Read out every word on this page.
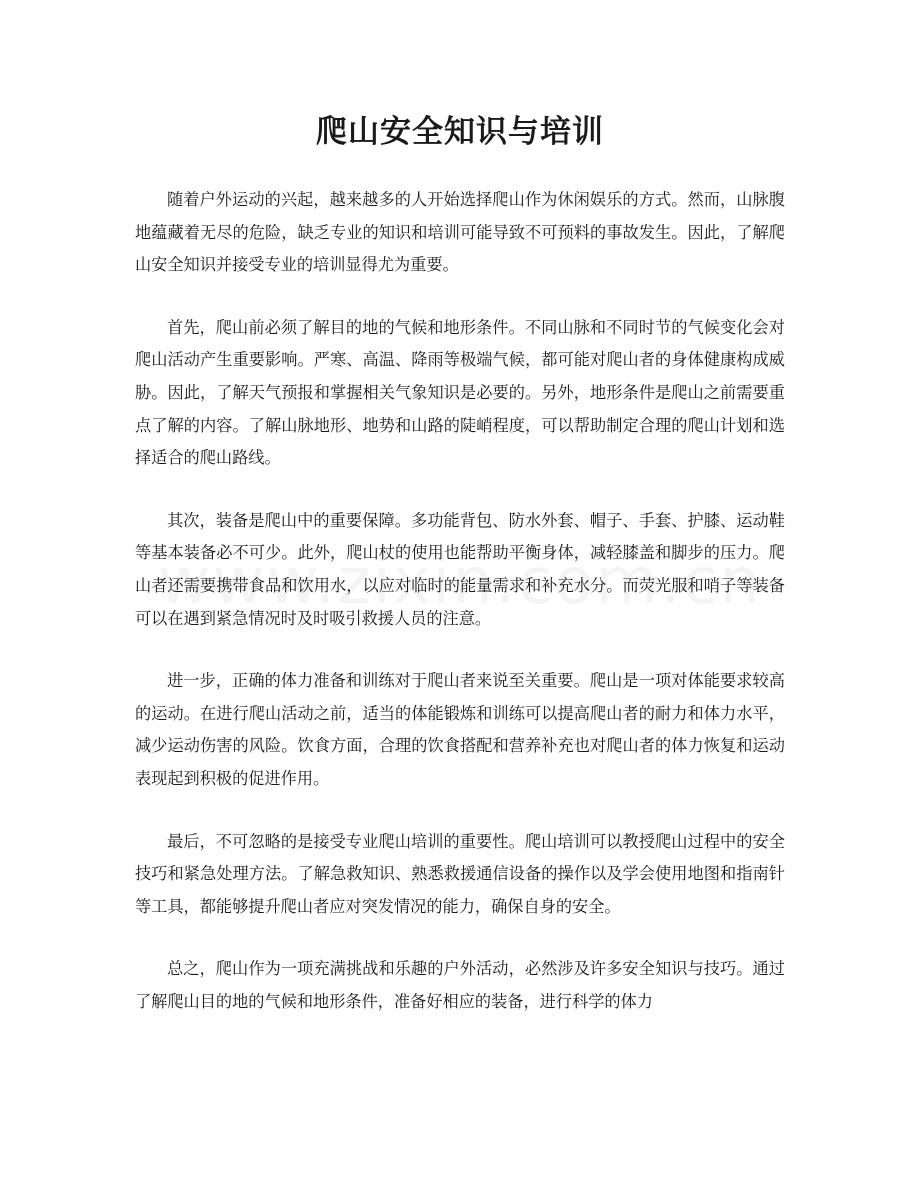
爬山安全知识与培训

随着户外运动的兴起，越来越多的人开始选择爬山作为休闲娱乐的方式。然而，山脉腹地蕴藏着无尽的危险，缺乏专业的知识和培训可能导致不可预料的事故发生。因此，了解爬山安全知识并接受专业的培训显得尤为重要。

首先，爬山前必须了解目的地的气候和地形条件。不同山脉和不同时节的气候变化会对爬山活动产生重要影响。严寒、高温、降雨等极端气候，都可能对爬山者的身体健康构成威胁。因此，了解天气预报和掌握相关气象知识是必要的。另外，地形条件是爬山之前需要重点了解的内容。了解山脉地形、地势和山路的陡峭程度，可以帮助制定合理的爬山计划和选择适合的爬山路线。

其次，装备是爬山中的重要保障。多功能背包、防水外套、帽子、手套、护膝、运动鞋等基本装备必不可少。此外，爬山杖的使用也能帮助平衡身体，减轻膝盖和脚步的压力。爬山者还需要携带食品和饮用水，以应对临时的能量需求和补充水分。而荧光服和哨子等装备可以在遇到紧急情况时及时吸引救援人员的注意。

进一步，正确的体力准备和训练对于爬山者来说至关重要。爬山是一项对体能要求较高的运动。在进行爬山活动之前，适当的体能锻炼和训练可以提高爬山者的耐力和体力水平，减少运动伤害的风险。饮食方面，合理的饮食搭配和营养补充也对爬山者的体力恢复和运动表现起到积极的促进作用。

最后，不可忽略的是接受专业爬山培训的重要性。爬山培训可以教授爬山过程中的安全技巧和紧急处理方法。了解急救知识、熟悉救援通信设备的操作以及学会使用地图和指南针等工具，都能够提升爬山者应对突发情况的能力，确保自身的安全。

总之，爬山作为一项充满挑战和乐趣的户外活动，必然涉及许多安全知识与技巧。通过了解爬山目的地的气候和地形条件，准备好相应的装备，进行科学的体力
